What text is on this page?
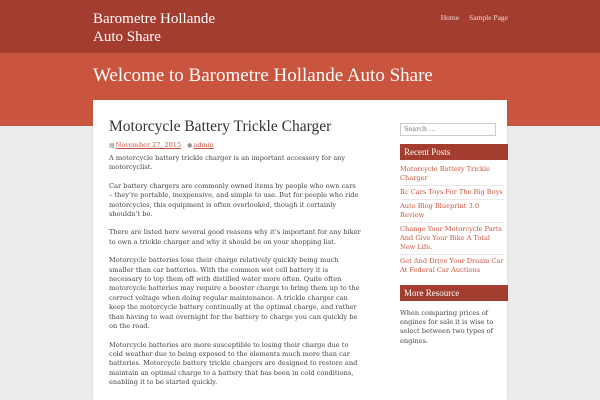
Barometre Hollande
Auto Share
Home Sample Page
Welcome to Barometre Hollande Auto Share
Motorcycle Battery Trickle Charger
▦November 27, 2015 ●admin

A motorcycle battery trickle charger is an important accessory for any motorcyclist.

Car battery chargers are commonly owned items by people who own cars – they’re portable, inexpensive, and simple to use. But for people who ride motorcycles, this equipment is often overlooked, though it certainly shouldn’t be.

There are listed here several good reasons why it’s important for any biker to own a trickle charger and why it should be on your shopping list.

Motorcycle batteries lose their charge relatively quickly being much smaller than car batteries. With the common wet cell battery it is necessary to top them off with distilled water more often. Quite often motorcycle batteries may require a booster charge to bring them up to the correct voltage when doing regular maintenance. A trickle charger can keep the motorcycle battery continually at the optimal charge, and rather than having to wait overnight for the battery to charge you can quickly be on the road.

Motorcycle batteries are more susceptible to losing their charge due to cold weather due to being exposed to the elements much more than car batteries. Motorcycle battery trickle chargers are designed to restore and maintain an optimal charge to a battery that has been in cold conditions, enabling it to be started quickly.

Search …
Recent Posts
Motorcycle Battery Trickle Charger
Rc Cars Toys For The Big Boys
Auto Blog Blueprint 3.0 Review
Change Your Motorcycle Parts And Give Your Bike A Total New Life.
Get And Drive Your Dream Car At Federal Car Auctions
More Resource
When comparing prices of engines for sale it is wise to select between two types of engines.
